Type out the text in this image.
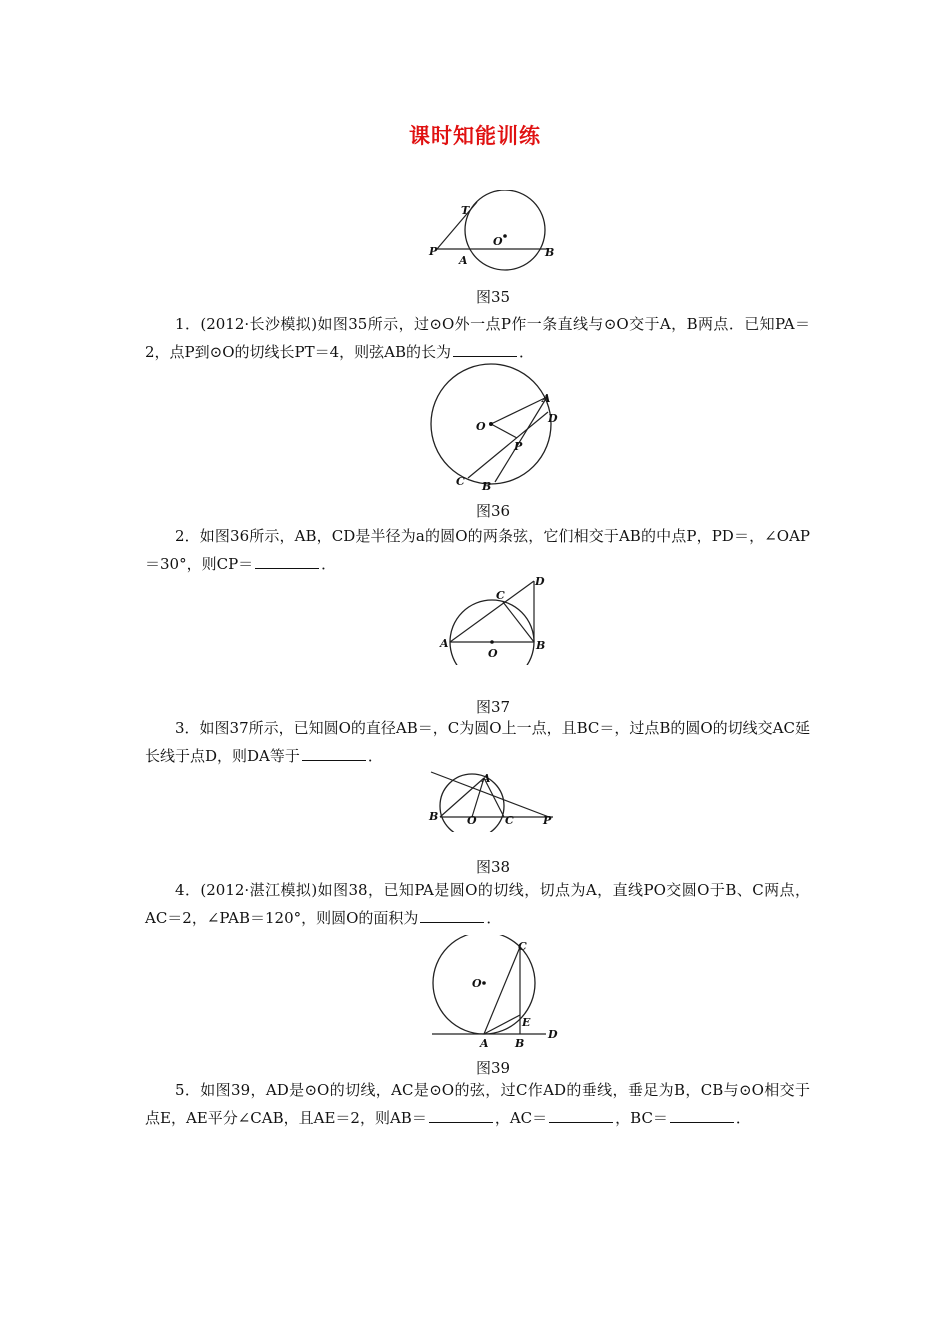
课时知能训练
T
P
A
O
B
图35
1．(2012·长沙模拟)如图35所示，过⊙O外一点P作一条直线与⊙O交于A，B两点．已知PA＝2，点P到⊙O的切线长PT＝4，则弦AB的长为	．
A
D
O
P
C B
图36
2．如图36所示，AB，CD是半径为a的圆O的两条弦，它们相交于AB的中点P，PD＝，∠OAP＝30°，则CP＝	．
D
C
A
O
B
图37
3．如图37所示，已知圆O的直径AB＝，C为圆O上一点，且BC＝，过点B的圆O的切线交AC延长线于点D，则DA等于	．
A
B	O	C	P
图38
4．(2012·湛江模拟)如图38，已知PA是圆O的切线，切点为A，直线PO交圆O于B、C两点，AC＝2，∠PAB＝120°，则圆O的面积为	．
C
O
E
D
A B
图39
5．如图39，AD是⊙O的切线，AC是⊙O的弦，过C作AD的垂线，垂足为B，CB与⊙O相交于点E，AE平分∠CAB，且AE＝2，则AB＝	，AC＝	，BC＝	．
